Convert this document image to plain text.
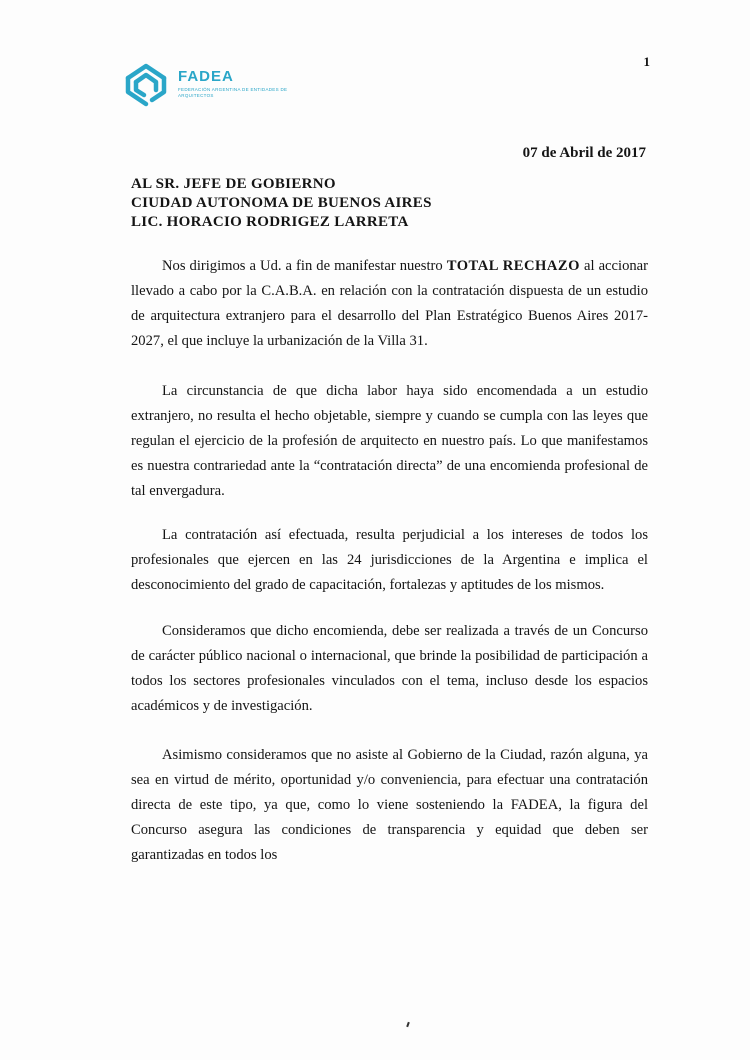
FADEA
FEDERACIÓN ARGENTINA DE ENTIDADES DE ARQUITECTOS
1
07 de Abril de 2017
AL SR. JEFE DE GOBIERNO
CIUDAD AUTONOMA DE BUENOS AIRES
LIC. HORACIO RODRIGEZ LARRETA

Nos dirigimos a Ud. a fin de manifestar nuestro TOTAL RECHAZO al accionar llevado a cabo por la C.A.B.A. en relación con la contratación dispuesta de un estudio de arquitectura extranjero para el desarrollo del Plan Estratégico Buenos Aires 2017-2027, el que incluye la urbanización de la Villa 31.

La circunstancia de que dicha labor haya sido encomendada a un estudio extranjero, no resulta el hecho objetable, siempre y cuando se cumpla con las leyes que regulan el ejercicio de la profesión de arquitecto en nuestro país. Lo que manifestamos es nuestra contrariedad ante la “contratación directa” de una encomienda profesional de tal envergadura.

La contratación así efectuada, resulta perjudicial a los intereses de todos los profesionales que ejercen en las 24 jurisdicciones de la Argentina e implica el desconocimiento del grado de capacitación, fortalezas y aptitudes de los mismos.

Consideramos que dicho encomienda, debe ser realizada a través de un Concurso de carácter público nacional o internacional, que brinde la posibilidad de participación a todos los sectores profesionales vinculados con el tema, incluso desde los espacios académicos y de investigación.

Asimismo consideramos que no asiste al Gobierno de la Ciudad, razón alguna, ya sea en virtud de mérito, oportunidad y/o conveniencia, para efectuar una contratación directa de este tipo, ya que, como lo viene sosteniendo la FADEA, la figura del Concurso asegura las condiciones de transparencia y equidad que deben ser garantizadas en todos los
